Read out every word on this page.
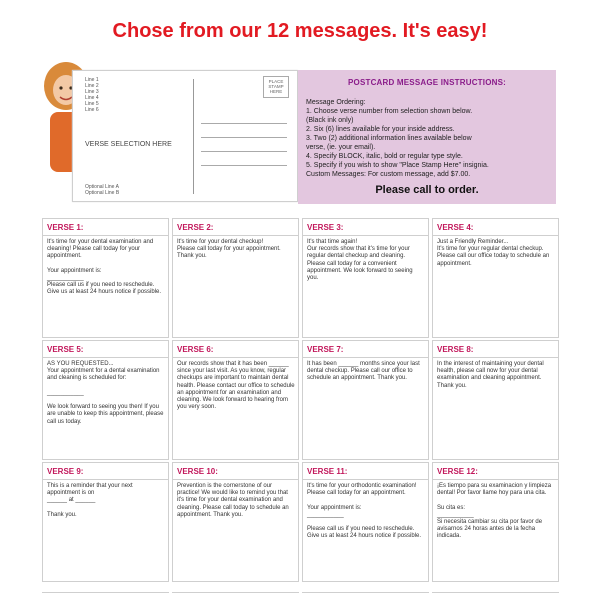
Chose from our 12 messages. It's easy!
Line 1
Line 2
Line 3
Line 4
Line 5
Line 6
VERSE SELECTION HERE
Optional Line A
Optional Line B
PLACE STAMP HERE
POSTCARD MESSAGE INSTRUCTIONS:
Message Ordering:
1. Choose verse number from selection shown below.
(Black ink only)
2. Six (6) lines available for your inside address.
3. Two (2) additional information lines available below
verse, (ie. your email).
4. Specify BLOCK, italic, bold or regular type style.
5. Specify if you wish to show "Place Stamp Here" insignia.
Custom Messages: For custom message, add $7.00.
Please call to order.
VERSE 1:
It's time for your dental examination and cleaning! Please call today for your appointment.

Your appointment is:
___________
Please call us if you need to reschedule. Give us at least 24 hours notice if possible.
VERSE 2:
It's time for your dental checkup!
Please call today for your appointment.
Thank you.
VERSE 3:
It's that time again!
Our records show that it's time for your regular dental checkup and cleaning.
Please call today for a convenient appointment. We look forward to seeing you.
VERSE 4:
Just a Friendly Reminder...
It's time for your regular dental checkup. Please call our office today to schedule an appointment.
VERSE 5:
AS YOU REQUESTED...
Your appointment for a dental examination and cleaning is scheduled for:

___________

We look forward to seeing you then! If you are unable to keep this appointment, please call us today.
VERSE 6:
Our records show that it has been ______ since your last visit. As you know, regular checkups are important to maintain dental health. Please contact our office to schedule an appointment for an examination and cleaning. We look forward to hearing from you very soon.
VERSE 7:
It has been ______ months since your last dental checkup. Please call our office to schedule an appointment. Thank you.
VERSE 8:
In the interest of maintaining your dental health, please call now for your dental examination and cleaning appointment. Thank you.
VERSE 9:
This is a reminder that your next appointment is on
______ at ______

Thank you.
VERSE 10:
Prevention is the cornerstone of our practice! We would like to remind you that it's time for your dental examination and cleaning. Please call today to schedule an appointment. Thank you.
VERSE 11:
It's time for your orthodontic examination! Please call today for an appointment.

Your appointment is:
___________

Please call us if you need to reschedule. Give us at least 24 hours notice if possible.
VERSE 12:
¡Es tiempo para su examinacion y limpieza dental! Por favor llame hoy para una cita.

Su cita es:
___________
Si necesita cambiar su cita por favor de avisarnos 24 horas antes de la fecha indicada.
